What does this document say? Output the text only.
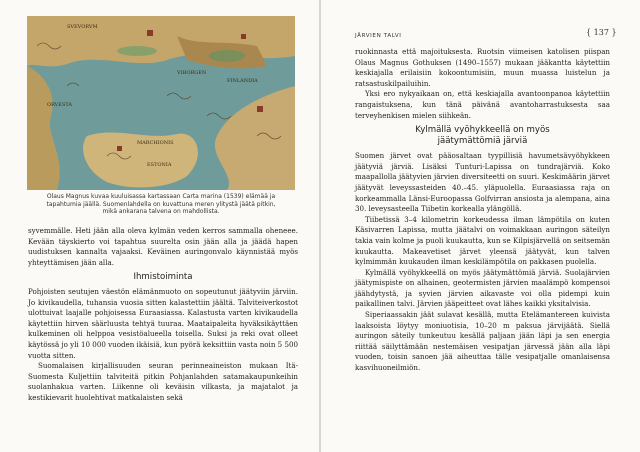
SVEVORVM
VIBORGEN
MARCHIONIS
ORVESTA
FINLANDIA
ESTONIA
Olaus Magnus kuvaa kuuluisassa kartassaan Carta marina (1539) elämää ja tapahtumia jäällä. Suomenlahdella on kuvattuna meren ylitystä jäätä pitkin, mikä ankarana talvena on mahdollista.

syvemmälle. Heti jään alla oleva kylmän veden kerros sammalla oheneee. Kevään täyskierto voi tapahtua suurelta osin jään alla ja jäädä hapen uudistuksen kannalta vajaaksi. Keväinen auringonvalo käynnistää myös yhteyttämisen jään alla.

Ihmistoiminta

Pohjoisten seutujen väestön elämänmuoto on sopeutunut jäätyviin järviin. Jo kivikaudella, tuhansia vuosia sitten kalastettiin jäältä. Talviteiverkostot ulottuivat laajalle pohjoisessa Euraasiassa. Kalastusta varten kivikaudella käytettiin hirven säärluusta tehtyä tuuraa. Maataipaleita hyväksikäyttäen kulkeminen oli helppoa vesistöalueella toisella. Suksi ja reki ovat olleet käytössä jo yli 10 000 vuoden ikäisiä, kun pyörä keksittiin vasta noin 5 500 vuotta sitten.

Suomalaisen kirjallisuuden seuran perinneaineiston mukaan Itä-Suomesta Kuljettiin talviteitä pitkin Pohjanlahden satamakaupunkeihin suolanhakua varten. Liikenne oli keväisin vilkasta, ja majatalot ja kestikievarit huolehtivat matkalaisten sekä

JÄRVIEN TALVI	{ 137 }

ruokinnasta että majoituksesta. Ruotsin viimeisen katolisen piispan Olaus Magnus Gothuksen (1490–1557) mukaan jääkantta käytettiin keskiajalla erilaisiin kokoontumisiin, muun muassa luistelun ja ratsastuskilpailuihin.

Yksi ero nykyaikaan on, että keskiajalla avantoonpanoa käytettiin rangaistuksena, kun tänä päivänä avantoharrastuksesta saa terveyhenkisen mielen siihkeän.

Kylmällä vyöhykkeellä on myös
jäätymättömiä järviä

Suomen järvet ovat pääosaltaan tyypillisiä havumetsävyöhykkeen jäätyviä järviä. Lisäksi Tunturi-Lapissa on tundrajärviä. Koko maapallolla jäätyvien järvien diversiteetti on suuri. Keskimäärin järvet jäätyvät leveyssasteiden 40.–45. yläpuolella. Euraasiassa raja on korkeammalla Länsi-Euroopassa Golfvirran ansiosta ja alempana, aina 30. leveysasteella Tiibetin korkealla ylängöllä.

Tiibetissä 3–4 kilometrin korkeudessa ilman lämpötila on kuten Käsivarren Lapissa, mutta jäätalvi on voimakkaan auringon säteilyn takia vain kolme ja puoli kuukautta, kun se Kilpisjärvellä on seitsemän kuukautta. Makeavetiset järvet yleensä jäätyvät, kun talven kylmimmän kuukauden ilman keskilämpötila on pakkasen puolella.

Kylmällä vyöhykkeellä on myös jäätymättömiä järviä. Suolajärvien jäätymispiste on alhainen, geotermisten järvien maalämpö kompensoi jäähdytystä, ja syvien järvien aikavaste voi olla pidempi kuin paikallinen talvi. Järvien jääpeitteet ovat lähes kaikki yksitalvisia.

Siperiaassakin jäät sulavat kesällä, mutta Etelämantereen kuivista laaksoista löytyy moniuotisia, 10–20 m paksua järvijäätä. Siellä auringon säteily tunkeutuu kesällä paljaan jään läpi ja sen energia riittää säilyttämään nestemäisen vesipatjan järvessä jään alla läpi vuoden, toisin sanoen jää aiheuttaa tälle vesipatjalle omanlaisensa kasvihuoneilmiön.
